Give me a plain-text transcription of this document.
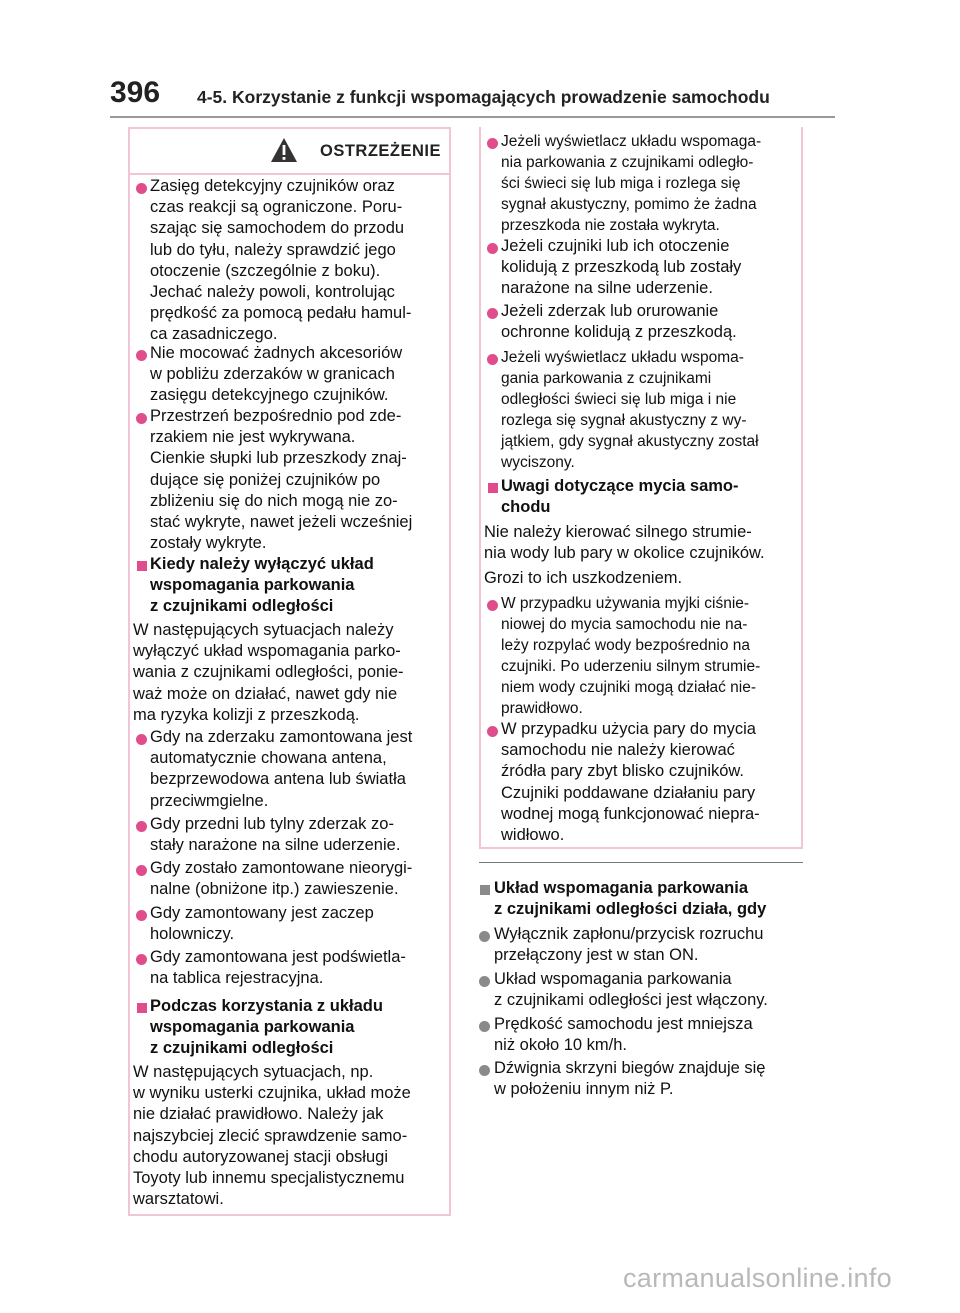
396 4-5. Korzystanie z funkcji wspomagających prowadzenie samochodu
OSTRZEŻENIE
Zasięg detekcyjny czujników oraz
czas reakcji są ograniczone. Poru-
szając się samochodem do przodu
lub do tyłu, należy sprawdzić jego
otoczenie (szczególnie z boku).
Jechać należy powoli, kontrolując
prędkość za pomocą pedału hamul-
ca zasadniczego.
Nie mocować żadnych akcesoriów
w pobliżu zderzaków w granicach
zasięgu detekcyjnego czujników.
Przestrzeń bezpośrednio pod zde-
rzakiem nie jest wykrywana.
Cienkie słupki lub przeszkody znaj-
dujące się poniżej czujników po
zbliżeniu się do nich mogą nie zo-
stać wykryte, nawet jeżeli wcześniej
zostały wykryte.
Kiedy należy wyłączyć układ
wspomagania parkowania
z czujnikami odległości
W następujących sytuacjach należy
wyłączyć układ wspomagania parko-
wania z czujnikami odległości, ponie-
waż może on działać, nawet gdy nie
ma ryzyka kolizji z przeszkodą.
Gdy na zderzaku zamontowana jest
automatycznie chowana antena,
bezprzewodowa antena lub światła
przeciwmgielne.
Gdy przedni lub tylny zderzak zo-
stały narażone na silne uderzenie.
Gdy zostało zamontowane nieorygi-
nalne (obniżone itp.) zawieszenie.
Gdy zamontowany jest zaczep
holowniczy.
Gdy zamontowana jest podświetla-
na tablica rejestracyjna.
Podczas korzystania z układu
wspomagania parkowania
z czujnikami odległości
W następujących sytuacjach, np.
w wyniku usterki czujnika, układ może
nie działać prawidłowo. Należy jak
najszybciej zlecić sprawdzenie samo-
chodu autoryzowanej stacji obsługi
Toyoty lub innemu specjalistycznemu
warsztatowi.
Jeżeli wyświetlacz układu wspomaga-
nia parkowania z czujnikami odległo-
ści świeci się lub miga i rozlega się
sygnał akustyczny, pomimo że żadna
przeszkoda nie została wykryta.
Jeżeli czujniki lub ich otoczenie
kolidują z przeszkodą lub zostały
narażone na silne uderzenie.
Jeżeli zderzak lub orurowanie
ochronne kolidują z przeszkodą.
Jeżeli wyświetlacz układu wspoma-
gania parkowania z czujnikami
odległości świeci się lub miga i nie
rozlega się sygnał akustyczny z wy-
jątkiem, gdy sygnał akustyczny został
wyciszony.
Uwagi dotyczące mycia samo-
chodu
Nie należy kierować silnego strumie-
nia wody lub pary w okolice czujników.
Grozi to ich uszkodzeniem.
W przypadku używania myjki ciśnie-
niowej do mycia samochodu nie na-
leży rozpylać wody bezpośrednio na
czujniki. Po uderzeniu silnym strumie-
niem wody czujniki mogą działać nie-
prawidłowo.
W przypadku użycia pary do mycia
samochodu nie należy kierować
źródła pary zbyt blisko czujników.
Czujniki poddawane działaniu pary
wodnej mogą funkcjonować niepra-
widłowo.
Układ wspomagania parkowania
z czujnikami odległości działa, gdy
Wyłącznik zapłonu/przycisk rozruchu
przełączony jest w stan ON.
Układ wspomagania parkowania
z czujnikami odległości jest włączony.
Prędkość samochodu jest mniejsza
niż około 10 km/h.
Dźwignia skrzyni biegów znajduje się
w położeniu innym niż P.
carmanualsonline.info
